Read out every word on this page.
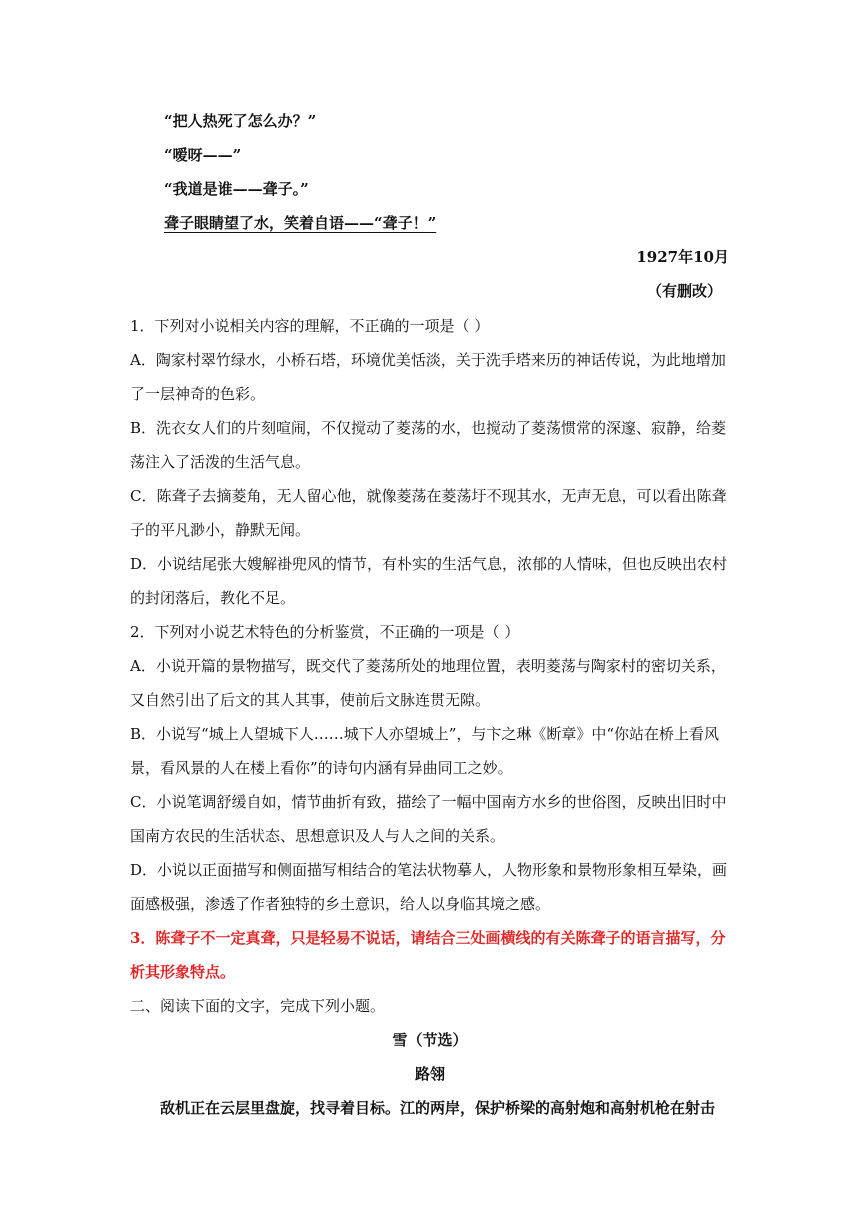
“把人热死了怎么办？”
“嗳呀——”
“我道是谁——聋子。”
聋子眼睛望了水，笑着自语——“聋子！”
1927年10月
（有删改）
1．下列对小说相关内容的理解，不正确的一项是（ ）
A．陶家村翠竹绿水，小桥石塔，环境优美恬淡，关于洗手塔来历的神话传说，为此地增加
了一层神奇的色彩。
B．洗衣女人们的片刻喧闹，不仅搅动了菱荡的水，也搅动了菱荡惯常的深邃、寂静，给菱
荡注入了活泼的生活气息。
C．陈聋子去摘菱角，无人留心他，就像菱荡在菱荡圩不现其水，无声无息，可以看出陈聋
子的平凡渺小，静默无闻。
D．小说结尾张大嫂解褂兜风的情节，有朴实的生活气息，浓郁的人情味，但也反映出农村
的封闭落后，教化不足。
2．下列对小说艺术特色的分析鉴赏，不正确的一项是（ ）
A．小说开篇的景物描写，既交代了菱荡所处的地理位置，表明菱荡与陶家村的密切关系，
又自然引出了后文的其人其事，使前后文脉连贯无隙。
B．小说写“城上人望城下人……城下人亦望城上”，与卞之琳《断章》中“你站在桥上看风
景，看风景的人在楼上看你”的诗句内涵有异曲同工之妙。
C．小说笔调舒缓自如，情节曲折有致，描绘了一幅中国南方水乡的世俗图，反映出旧时中
国南方农民的生活状态、思想意识及人与人之间的关系。
D．小说以正面描写和侧面描写相结合的笔法状物摹人，人物形象和景物形象相互晕染，画
面感极强，渗透了作者独特的乡土意识，给人以身临其境之感。
3．陈聋子不一定真聋，只是轻易不说话，请结合三处画横线的有关陈聋子的语言描写，分
析其形象特点。
二、阅读下面的文字，完成下列小题。
雪（节选）
路翎
敌机正在云层里盘旋，找寻着目标。江的两岸，保护桥梁的高射炮和高射机枪在射击
